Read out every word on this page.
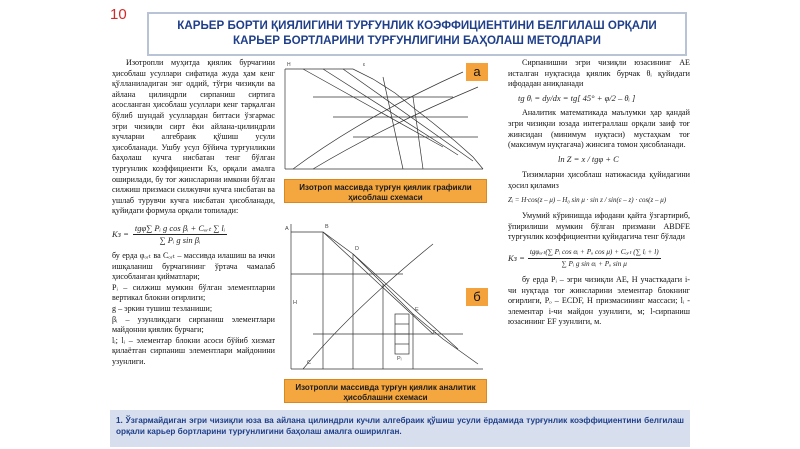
10
КАРЬЕР БОРТИ ҚИЯЛИГИНИ ТУРҒУНЛИК КОЭФФИЦИЕНТИНИ БЕЛГИЛАШ ОРҚАЛИ
КАРЬЕР БОРТЛАРИНИ ТУРҒУНЛИГИНИ БАҲОЛАШ МЕТОДЛАРИ

Изотропли муҳитда қиялик бурчагини ҳисоблаш усуллари сифатида жуда ҳам кенг қўлланиладиган энг оддий, тўғри чизиқли ва айлана цилиндрли сирпаниш сиртига асосланган ҳисоблаш усуллари кенг тарқалган бўлиб шундай усуллардан биттаси ўзгармас эгри чизиқли сирт ёки айлана-цилиндрли кучларни алгебраик қўшиш усули ҳисобланади. Ушбу усул бўйича турғунликни баҳолаш кучга нисбатан тенг бўлган турғунлик коэффициенти Кз, орқали амалга оширилади, бу тоғ жинсларини имкони бўлган силжиш призмаси силжувчи кучга нисбатан ва ушлаб турувчи кучга нисбатан ҳисобланади, қуйидаги формула орқали топилади:

Кз = $\frac{\text{tgφ∑ Pᵢ g cos βᵢ + Cₒᵣₜ ∑ lᵢ}}{\text{∑ Pᵢ g sin βᵢ}}$

бу ерда φₒᵣₜ ва Cₒᵣₜ – массивда илашиш ва ички ишқаланиш бурчагининг ўртача чамалаб ҳисобланган қийматлари;

Pᵢ – силжиш мумкин бўлган элементларни вертикал блокни оғирлиги;

g – эркин тушиш тезланиши;

βᵢ – узунликдаги сирпаниш элементлари майдонни қиялик бурчаги;

lᵢ; lᵢ – элементар блокни асоси бўйиб хизмат қилаётган сирпаниш элементлари майдонини узунлиги.

H	ε	а
Изотроп массивда турғун қиялик графикли ҳисоблаш схемаси
A	B
D
E
F
C
H
Pᵢ
б
Изотропли массивда турғун қиялик аналитик ҳисоблашни схемаси

Сирпанишни эгри чизиқли юзасининг АЕ исталган нуқтасида қиялик бурчак θᵢ қуйидаги ифодадан аниқланади

tg θᵢ = dy/dx = tg[ 45° + φ/2 – θᵢ ]

Аналитик математикада маълумки ҳар қандай эгри чизиқни юзада интеграллаш орқали заиф тоғ жинсидан (минимум нуқтаси) мустаҳкам тоғ (максимум нуқтагача) жинсига томон ҳисобланади.

ln Z = x / tgφ + C

Тизимларни ҳисоблаш натижасида қуйидагини ҳосил қиламиз

Zᵢ = H·cos(z – μ) – H₀ sin μ · sin z / sin(ε – z) · cos(z – μ)

Умумий кўринишда ифодани қайта ўзгартириб, ўпирилиши мумкин бўлган призмани ABDFE турғунлик коэффициентни қуйидагича тенг бўлади

Кз = $\frac{\text{tgφₒᵣₜ(∑ Pᵢ cos αᵢ + Pₒ cos μ) + Cₒᵣₜ (∑ lᵢ + l)}}{\text{∑ Pᵢ g sin αᵢ + Pₒ sin μ}}$

бу ерда Pᵢ – эгри чизиқли АЕ, Н участкадаги i-чи нуқтада тоғ жинсларини элементар блокнинг оғирлиги, Pₒ – ECDF, H призмасининг массаси; lᵢ - элементар i-чи майдон узунлиги, м; l-сирпаниш юзасининг EF узунлиги, м.

1. Ўзгармайдиган эгри чизиқли юза ва айлана цилиндрли кучли алгебраик қўшиш усули ёрдамида турғунлик коэффициентини белгилаш орқали карьер бортларини турғунлигини баҳолаш амалга оширилган.
